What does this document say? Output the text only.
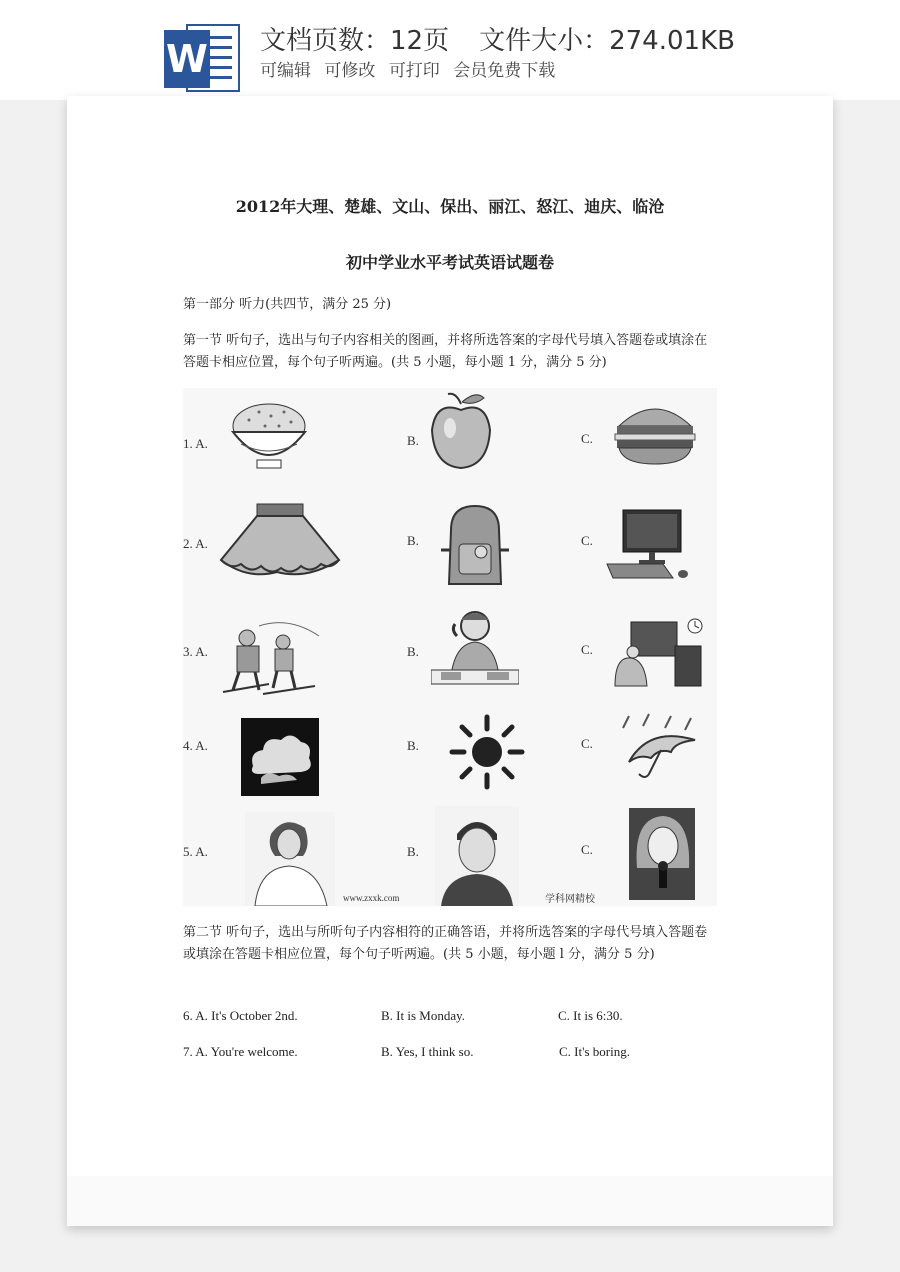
W 文档页数：12页 文件大小：274.01KB
可编辑 可修改 可打印 会员免费下载
2012年大理、楚雄、文山、保出、丽江、怒江、迪庆、临沧
初中学业水平考试英语试题卷
第一部分 听力(共四节，满分 25 分)
第一节 听句子，选出与句子内容相关的图画，并将所选答案的字母代号填入答题卷或填涂在答题卡相应位置，每个句子听两遍。(共 5 小题，每小题 1 分，满分 5 分)
1. A.	B.	C.
2. A.	B.	C.
3. A.	B.	C.
4. A.	B.	C.
5. A.	B.	C.
www.zxxk.com	学科网精校
第二节 听句子，选出与所听句子内容相符的正确答语，并将所选答案的字母代号填入答题卷或填涂在答题卡相应位置，每个句子听两遍。(共 5 小题，每小题 l 分，满分 5 分)
6. A. It's October 2nd.	B. It is Monday.	C. It is 6:30.
7. A. You're welcome.	B. Yes, I think so.	C. It's boring.
